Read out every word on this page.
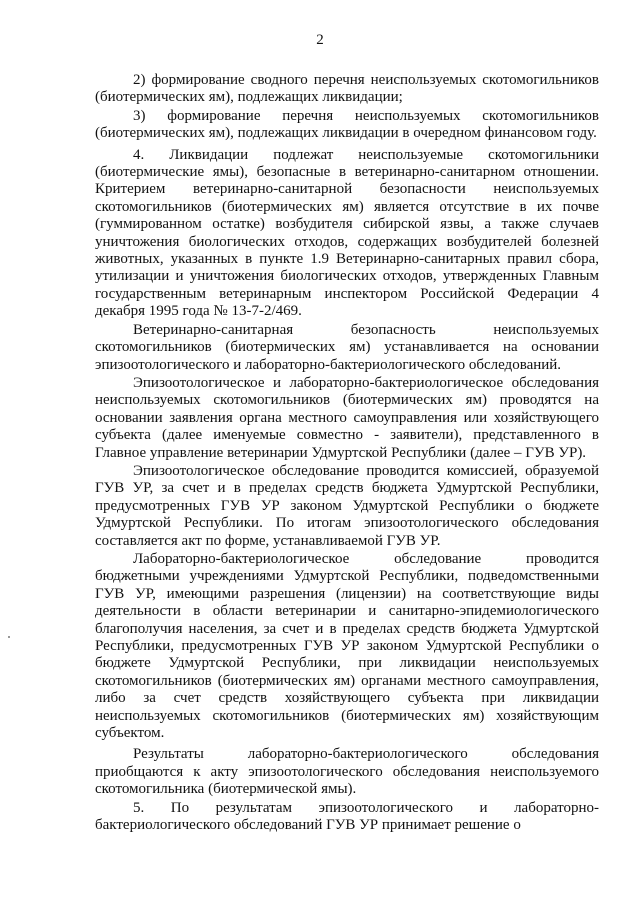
2

2) формирование сводного перечня неиспользуемых скотомогильников (биотермических ям), подлежащих ликвидации;

3) формирование перечня неиспользуемых скотомогильников (биотермических ям), подлежащих ликвидации в очередном финансовом году.

4. Ликвидации подлежат неиспользуемые скотомогильники (биотермические ямы), безопасные в ветеринарно-санитарном отношении. Критерием ветеринарно-санитарной безопасности неиспользуемых скотомогильников (биотермических ям) является отсутствие в их почве (гуммированном остатке) возбудителя сибирской язвы, а также случаев уничтожения биологических отходов, содержащих возбудителей болезней животных, указанных в пункте 1.9 Ветеринарно-санитарных правил сбора, утилизации и уничтожения биологических отходов, утвержденных Главным государственным ветеринарным инспектором Российской Федерации 4 декабря 1995 года № 13-7-2/469.

Ветеринарно-санитарная безопасность неиспользуемых скотомогильников (биотермических ям) устанавливается на основании эпизоотологического и лабораторно-бактериологического обследований.

Эпизоотологическое и лабораторно-бактериологическое обследования неиспользуемых скотомогильников (биотермических ям) проводятся на основании заявления органа местного самоуправления или хозяйствующего субъекта (далее именуемые совместно - заявители), представленного в Главное управление ветеринарии Удмуртской Республики (далее – ГУВ УР).

Эпизоотологическое обследование проводится комиссией, образуемой ГУВ УР, за счет и в пределах средств бюджета Удмуртской Республики, предусмотренных ГУВ УР законом Удмуртской Республики о бюджете Удмуртской Республики. По итогам эпизоотологического обследования составляется акт по форме, устанавливаемой ГУВ УР.

Лабораторно-бактериологическое обследование проводится бюджетными учреждениями Удмуртской Республики, подведомственными ГУВ УР, имеющими разрешения (лицензии) на соответствующие виды деятельности в области ветеринарии и санитарно-эпидемиологического благополучия населения, за счет и в пределах средств бюджета Удмуртской Республики, предусмотренных ГУВ УР законом Удмуртской Республики о бюджете Удмуртской Республики, при ликвидации неиспользуемых скотомогильников (биотермических ям) органами местного самоуправления, либо за счет средств хозяйствующего субъекта при ликвидации неиспользуемых скотомогильников (биотермических ям) хозяйствующим субъектом.

Результаты лабораторно-бактериологического обследования приобщаются к акту эпизоотологического обследования неиспользуемого скотомогильника (биотермической ямы).

5. По результатам эпизоотологического и лабораторно-бактериологического обследований ГУВ УР принимает решение о
